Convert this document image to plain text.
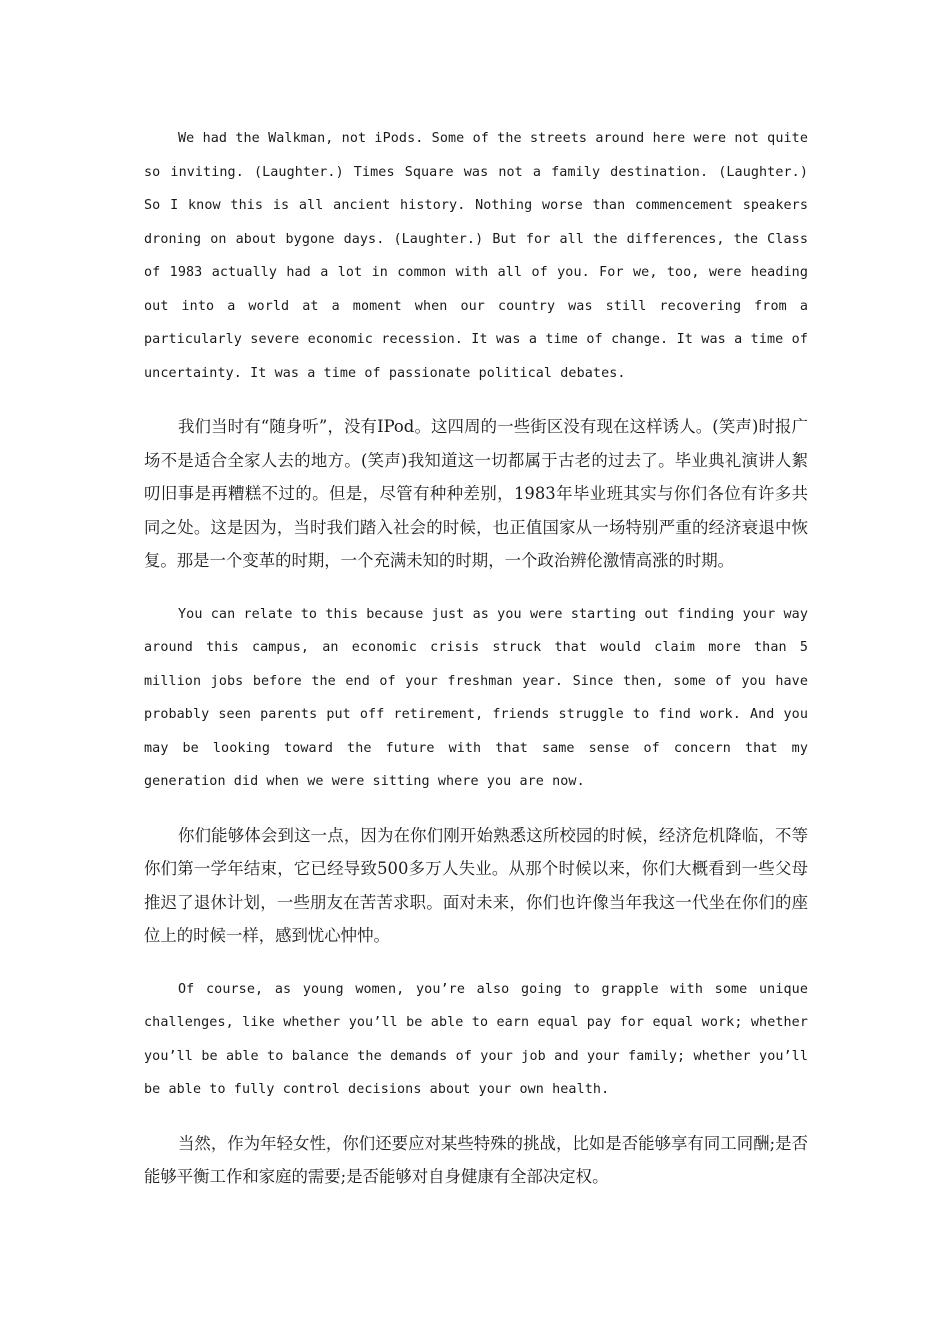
We had the Walkman, not iPods. Some of the streets around here were not quite so inviting. (Laughter.) Times Square was not a family destination. (Laughter.) So I know this is all ancient history. Nothing worse than commencement speakers droning on about bygone days. (Laughter.) But for all the differences, the Class of 1983 actually had a lot in common with all of you. For we, too, were heading out into a world at a moment when our country was still recovering from a particularly severe economic recession. It was a time of change. It was a time of uncertainty. It was a time of passionate political debates.

我们当时有“随身听”，没有IPod。这四周的一些街区没有现在这样诱人。(笑声)时报广场不是适合全家人去的地方。(笑声)我知道这一切都属于古老的过去了。毕业典礼演讲人絮叨旧事是再糟糕不过的。但是，尽管有种种差别，1983年毕业班其实与你们各位有许多共同之处。这是因为，当时我们踏入社会的时候，也正值国家从一场特别严重的经济衰退中恢复。那是一个变革的时期，一个充满未知的时期，一个政治辨伦激情高涨的时期。

You can relate to this because just as you were starting out finding your way around this campus, an economic crisis struck that would claim more than 5 million jobs before the end of your freshman year. Since then, some of you have probably seen parents put off retirement, friends struggle to find work. And you may be looking toward the future with that same sense of concern that my generation did when we were sitting where you are now.

你们能够体会到这一点，因为在你们刚开始熟悉这所校园的时候，经济危机降临，不等你们第一学年结束，它已经导致500多万人失业。从那个时候以来，你们大概看到一些父母推迟了退休计划，一些朋友在苦苦求职。面对未来，你们也许像当年我这一代坐在你们的座位上的时候一样，感到忧心忡忡。

Of course, as young women, you’re also going to grapple with some unique challenges, like whether you’ll be able to earn equal pay for equal work; whether you’ll be able to balance the demands of your job and your family; whether you’ll be able to fully control decisions about your own health.

当然，作为年轻女性，你们还要应对某些特殊的挑战，比如是否能够享有同工同酬;是否能够平衡工作和家庭的需要;是否能够对自身健康有全部决定权。
